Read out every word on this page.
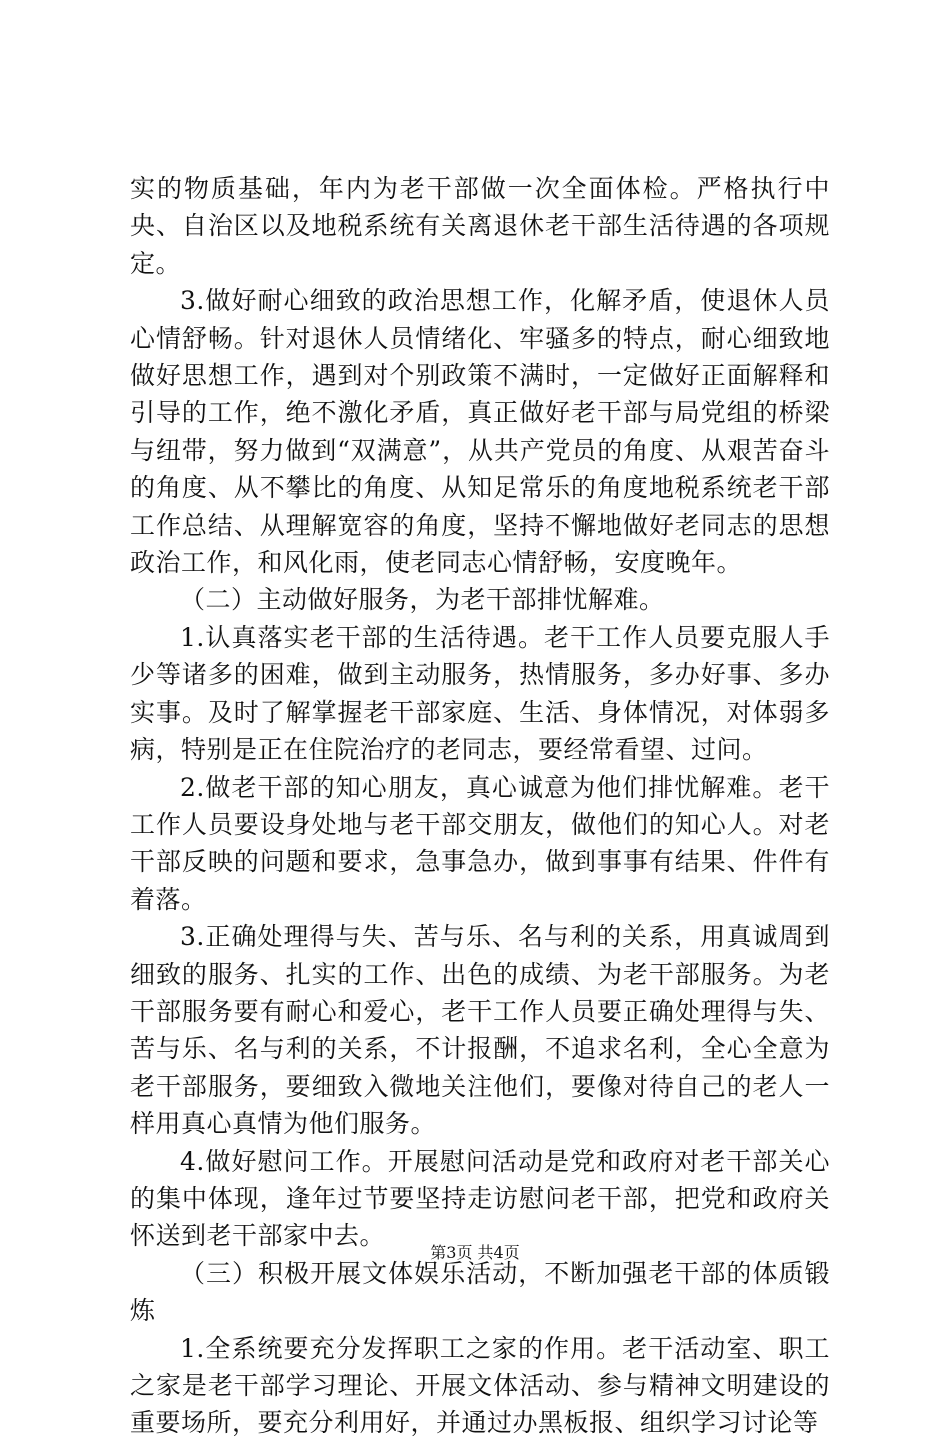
实的物质基础，年内为老干部做一次全面体检。严格执行中央、自治区以及地税系统有关离退休老干部生活待遇的各项规定。

3.做好耐心细致的政治思想工作，化解矛盾，使退休人员心情舒畅。针对退休人员情绪化、牢骚多的特点，耐心细致地做好思想工作，遇到对个别政策不满时，一定做好正面解释和引导的工作，绝不激化矛盾，真正做好老干部与局党组的桥梁与纽带，努力做到“双满意”，从共产党员的角度、从艰苦奋斗的角度、从不攀比的角度、从知足常乐的角度地税系统老干部工作总结、从理解宽容的角度，坚持不懈地做好老同志的思想政治工作，和风化雨，使老同志心情舒畅，安度晚年。

（二）主动做好服务，为老干部排忧解难。

1.认真落实老干部的生活待遇。老干工作人员要克服人手少等诸多的困难，做到主动服务，热情服务，多办好事、多办实事。及时了解掌握老干部家庭、生活、身体情况，对体弱多病，特别是正在住院治疗的老同志，要经常看望、过问。

2.做老干部的知心朋友，真心诚意为他们排忧解难。老干工作人员要设身处地与老干部交朋友，做他们的知心人。对老干部反映的问题和要求，急事急办，做到事事有结果、件件有着落。

3.正确处理得与失、苦与乐、名与利的关系，用真诚周到细致的服务、扎实的工作、出色的成绩、为老干部服务。为老干部服务要有耐心和爱心，老干工作人员要正确处理得与失、苦与乐、名与利的关系，不计报酬，不追求名利，全心全意为老干部服务，要细致入微地关注他们，要像对待自己的老人一样用真心真情为他们服务。

4.做好慰问工作。开展慰问活动是党和政府对老干部关心的集中体现，逢年过节要坚持走访慰问老干部，把党和政府关怀送到老干部家中去。

（三）积极开展文体娱乐活动，不断加强老干部的体质锻炼

1.全系统要充分发挥职工之家的作用。老干活动室、职工之家是老干部学习理论、开展文体活动、参与精神文明建设的重要场所，要充分利用好，并通过办黑板报、组织学习讨论等

第3页 共4页
